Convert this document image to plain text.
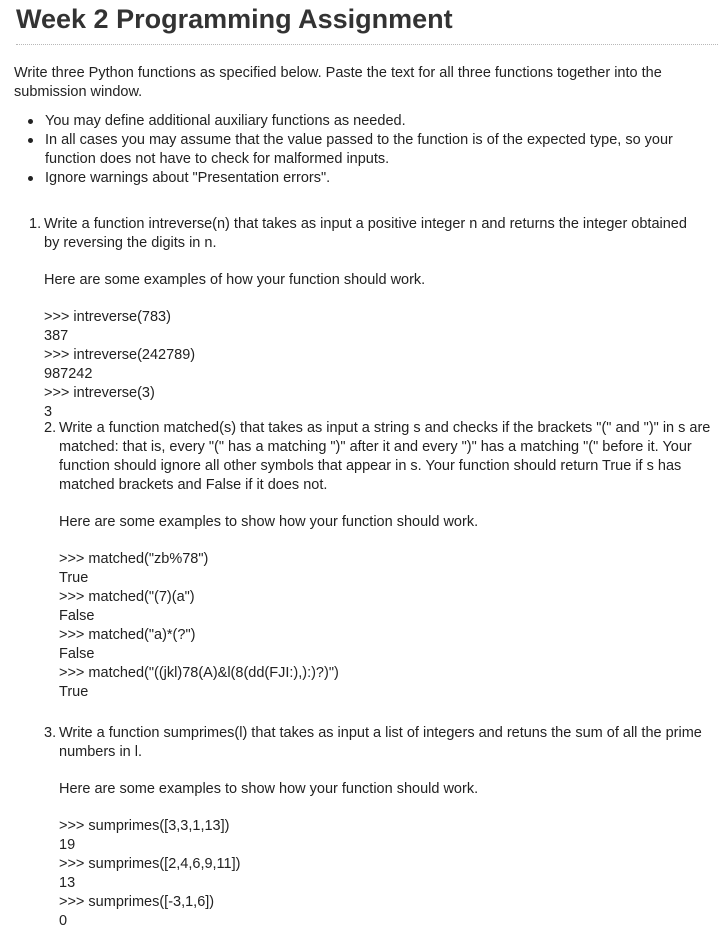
Week 2 Programming Assignment

Write three Python functions as specified below. Paste the text for all three functions together into the submission window.

You may define additional auxiliary functions as needed.
In all cases you may assume that the value passed to the function is of the expected type, so your function does not have to check for malformed inputs.
Ignore warnings about "Presentation errors".
1. Write a function intreverse(n) that takes as input a positive integer n and returns the integer obtained by reversing the digits in n.
Here are some examples of how your function should work.
>>> intreverse(783)
387
>>> intreverse(242789)
987242
>>> intreverse(3)
3
2. Write a function matched(s) that takes as input a string s and checks if the brackets "(" and ")" in s are matched: that is, every "(" has a matching ")" after it and every ")" has a matching "(" before it. Your function should ignore all other symbols that appear in s. Your function should return True if s has matched brackets and False if it does not.
Here are some examples to show how your function should work.
>>> matched("zb%78")
True
>>> matched("(7)(a")
False
>>> matched("a)*(?")
False
>>> matched("((jkl)78(A)&l(8(dd(FJI:),):)?)")
True
3. Write a function sumprimes(l) that takes as input a list of integers and retuns the sum of all the prime numbers in l.
Here are some examples to show how your function should work.
>>> sumprimes([3,3,1,13])
19
>>> sumprimes([2,4,6,9,11])
13
>>> sumprimes([-3,1,6])
0
